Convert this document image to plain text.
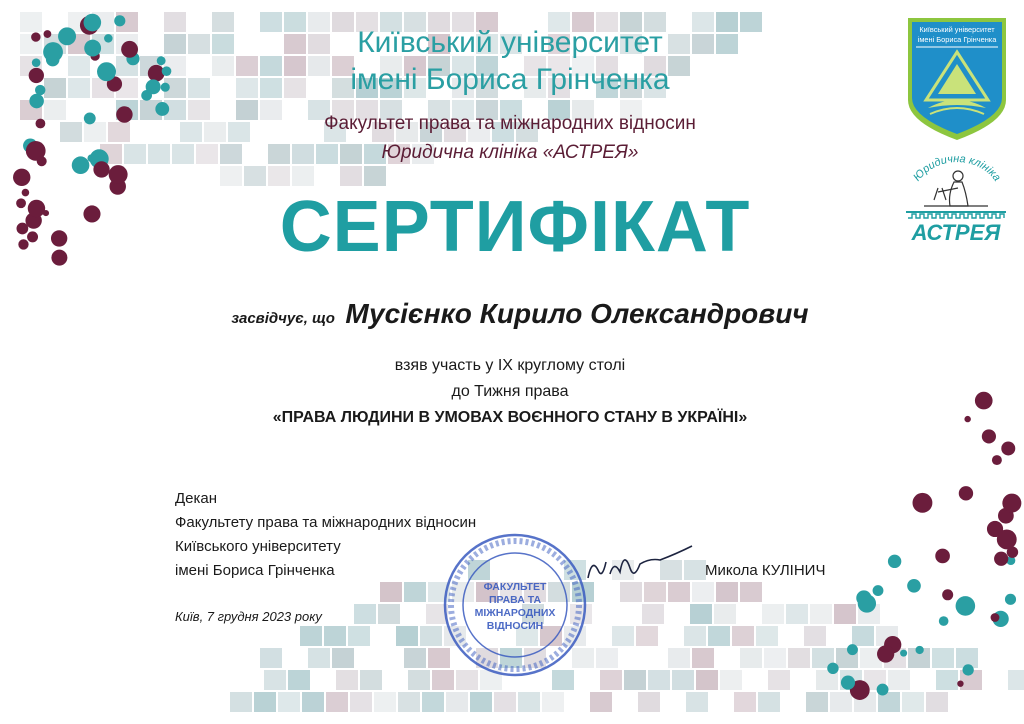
Київський університет
імені Бориса Грінченка
Факультет права та міжнародних відносин
Юридична клініка «АСТРЕЯ»
СЕРТИФІКАТ
засвідчує, що Мусієнко Кирило Олександрович
взяв участь у ІХ круглому столі
до Тижня права
«ПРАВА ЛЮДИНИ В УМОВАХ ВОЄННОГО СТАНУ В УКРАЇНІ»
Декан
Факультету права та міжнародних відносин
Київського університету
імені Бориса Грінченка	Микола КУЛІНИЧ
Київ, 7 грудня 2023 року
Київський університет
імені Бориса Грінченка
Юридична клініка
АСТРЕЯ
ФАКУЛЬТЕТ
ПРАВА ТА
МІЖНАРОДНИХ
ВІДНОСИН
